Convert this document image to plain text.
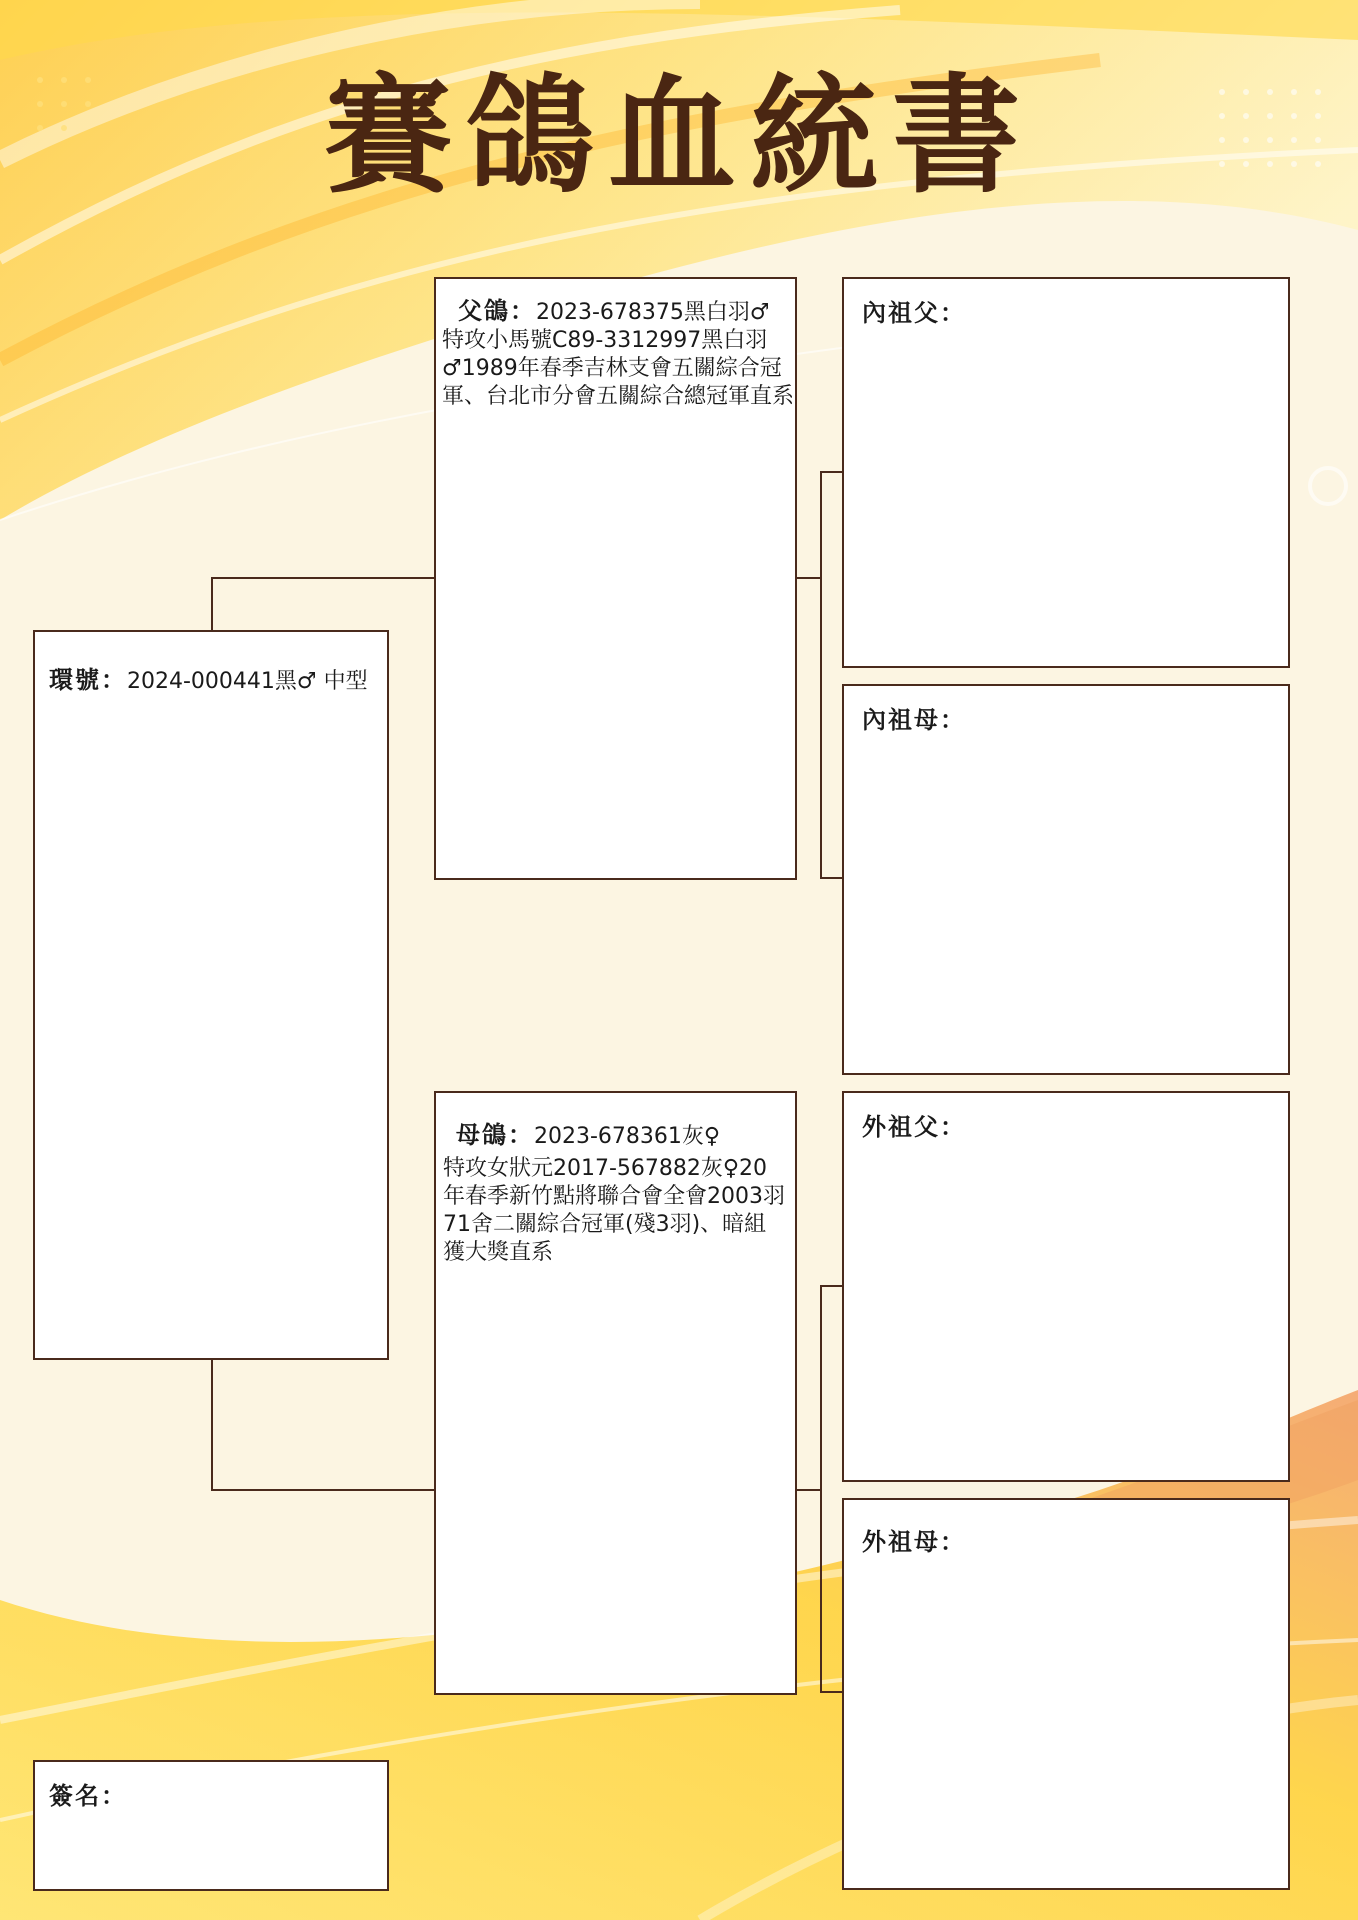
賽鴿血統書
環號：2024-000441黑♂ 中型
父鴿：2023-678375黑白羽♂
特攻小馬號C89-3312997黑白羽♂1989年春季吉林支會五關綜合冠軍、台北市分會五關綜合總冠軍直系
母鴿：2023-678361灰♀
特攻女狀元2017-567882灰♀20年春季新竹點將聯合會全會2003羽71舍二關綜合冠軍(殘3羽)、暗組獲大獎直系
內祖父：
內祖母：
外祖父：
外祖母：
簽名：
